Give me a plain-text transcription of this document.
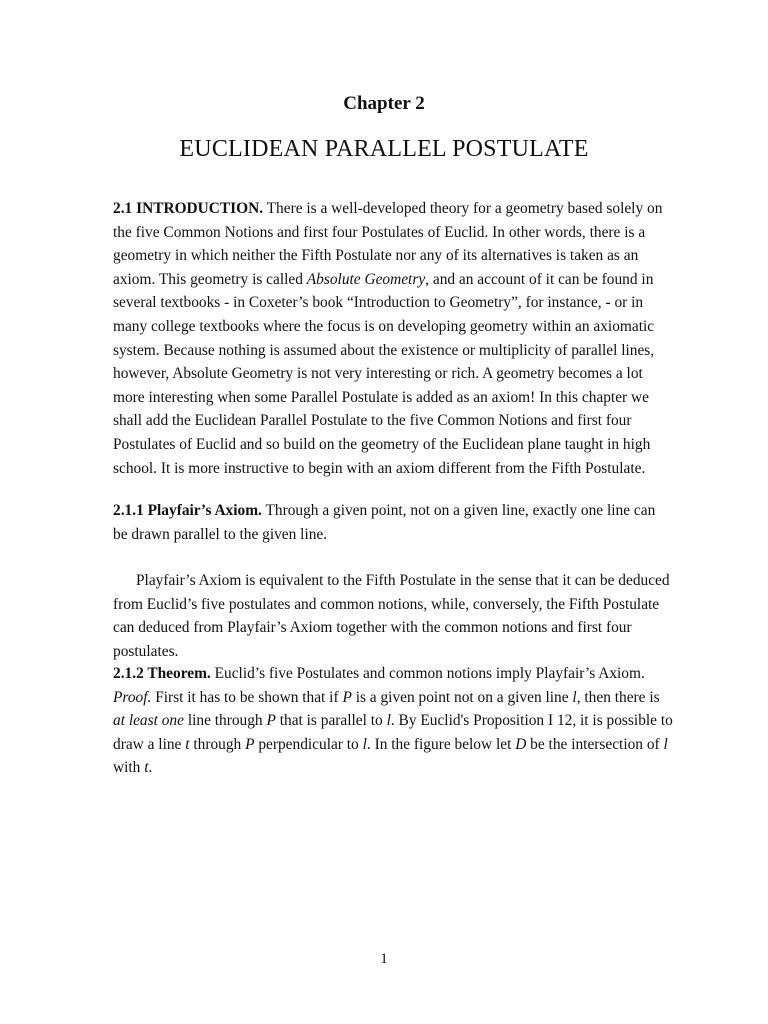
Chapter 2
EUCLIDEAN PARALLEL POSTULATE

2.1 INTRODUCTION. There is a well-developed theory for a geometry based solely on the five Common Notions and first four Postulates of Euclid. In other words, there is a geometry in which neither the Fifth Postulate nor any of its alternatives is taken as an axiom. This geometry is called Absolute Geometry, and an account of it can be found in several textbooks - in Coxeter’s book “Introduction to Geometry”, for instance, - or in many college textbooks where the focus is on developing geometry within an axiomatic system. Because nothing is assumed about the existence or multiplicity of parallel lines, however, Absolute Geometry is not very interesting or rich. A geometry becomes a lot more interesting when some Parallel Postulate is added as an axiom! In this chapter we shall add the Euclidean Parallel Postulate to the five Common Notions and first four Postulates of Euclid and so build on the geometry of the Euclidean plane taught in high school. It is more instructive to begin with an axiom different from the Fifth Postulate.

2.1.1 Playfair’s Axiom. Through a given point, not on a given line, exactly one line can be drawn parallel to the given line.

Playfair’s Axiom is equivalent to the Fifth Postulate in the sense that it can be deduced from Euclid’s five postulates and common notions, while, conversely, the Fifth Postulate can deduced from Playfair’s Axiom together with the common notions and first four postulates.

2.1.2 Theorem. Euclid’s five Postulates and common notions imply Playfair’s Axiom.

Proof. First it has to be shown that if P is a given point not on a given line l, then there is at least one line through P that is parallel to l. By Euclid's Proposition I 12, it is possible to draw a line t through P perpendicular to l. In the figure below let D be the intersection of l with t.

1
